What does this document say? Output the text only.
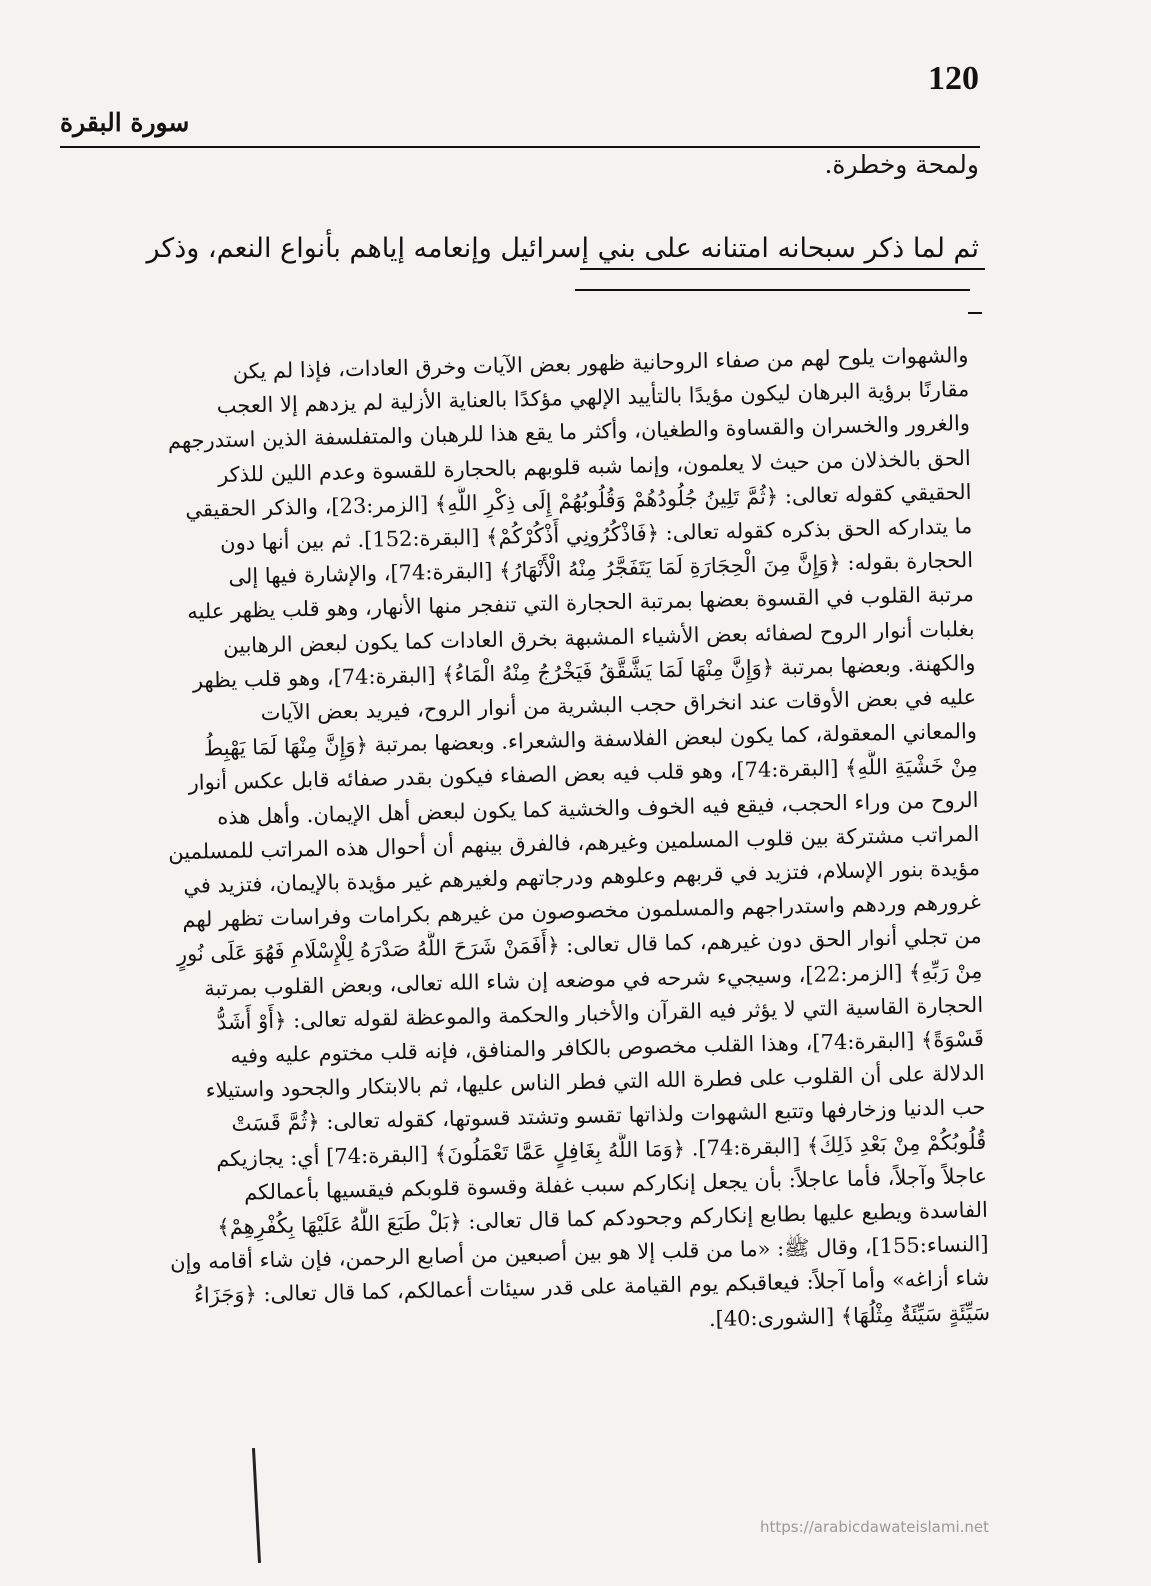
120
سورة البقرة
ولمحة وخطرة.
ثم لما ذكر سبحانه امتنانه على بني إسرائيل وإنعامه إياهم بأنواع النعم، وذكر
والشهوات يلوح لهم من صفاء الروحانية ظهور بعض الآيات وخرق العادات، فإذا لم يكن
مقارنًا برؤية البرهان ليكون مؤيدًا بالتأييد الإلهي مؤكدًا بالعناية الأزلية لم يزدهم إلا العجب
والغرور والخسران والقساوة والطغيان، وأكثر ما يقع هذا للرهبان والمتفلسفة الذين استدرجهم
الحق بالخذلان من حيث لا يعلمون، وإنما شبه قلوبهم بالحجارة للقسوة وعدم اللين للذكر
الحقيقي كقوله تعالى: ﴿ثُمَّ تَلِينُ جُلُودُهُمْ وَقُلُوبُهُمْ إِلَى ذِكْرِ اللَّهِ﴾ [الزمر:23]، والذكر الحقيقي
ما يتداركه الحق بذكره كقوله تعالى: ﴿فَاذْكُرُونِي أَذْكُرْكُمْ﴾ [البقرة:152]. ثم بين أنها دون
الحجارة بقوله: ﴿وَإِنَّ مِنَ الْحِجَارَةِ لَمَا يَتَفَجَّرُ مِنْهُ الْأَنْهَارُ﴾ [البقرة:74]، والإشارة فيها إلى
مرتبة القلوب في القسوة بعضها بمرتبة الحجارة التي تنفجر منها الأنهار، وهو قلب يظهر عليه
بغلبات أنوار الروح لصفائه بعض الأشياء المشبهة بخرق العادات كما يكون لبعض الرهابين
والكهنة. وبعضها بمرتبة ﴿وَإِنَّ مِنْهَا لَمَا يَشَّقَّقُ فَيَخْرُجُ مِنْهُ الْمَاءُ﴾ [البقرة:74]، وهو قلب يظهر
عليه في بعض الأوقات عند انخراق حجب البشرية من أنوار الروح، فيريد بعض الآيات
والمعاني المعقولة، كما يكون لبعض الفلاسفة والشعراء. وبعضها بمرتبة ﴿وَإِنَّ مِنْهَا لَمَا يَهْبِطُ
مِنْ خَشْيَةِ اللَّهِ﴾ [البقرة:74]، وهو قلب فيه بعض الصفاء فيكون بقدر صفائه قابل عكس أنوار
الروح من وراء الحجب، فيقع فيه الخوف والخشية كما يكون لبعض أهل الإيمان. وأهل هذه
المراتب مشتركة بين قلوب المسلمين وغيرهم، فالفرق بينهم أن أحوال هذه المراتب للمسلمين
مؤيدة بنور الإسلام، فتزيد في قربهم وعلوهم ودرجاتهم ولغيرهم غير مؤيدة بالإيمان، فتزيد في
غرورهم وردهم واستدراجهم والمسلمون مخصوصون من غيرهم بكرامات وفراسات تظهر لهم
من تجلي أنوار الحق دون غيرهم، كما قال تعالى: ﴿أَفَمَنْ شَرَحَ اللَّهُ صَدْرَهُ لِلْإِسْلَامِ فَهُوَ عَلَى نُورٍ
مِنْ رَبِّهِ﴾ [الزمر:22]، وسيجيء شرحه في موضعه إن شاء الله تعالى، وبعض القلوب بمرتبة
الحجارة القاسية التي لا يؤثر فيه القرآن والأخبار والحكمة والموعظة لقوله تعالى: ﴿أَوْ أَشَدُّ
قَسْوَةً﴾ [البقرة:74]، وهذا القلب مخصوص بالكافر والمنافق، فإنه قلب مختوم عليه وفيه
الدلالة على أن القلوب على فطرة الله التي فطر الناس عليها، ثم بالابتكار والجحود واستيلاء
حب الدنيا وزخارفها وتتبع الشهوات ولذاتها تقسو وتشتد قسوتها، كقوله تعالى: ﴿ثُمَّ قَسَتْ
قُلُوبُكُمْ مِنْ بَعْدِ ذَلِكَ﴾ [البقرة:74]. ﴿وَمَا اللَّهُ بِغَافِلٍ عَمَّا تَعْمَلُونَ﴾ [البقرة:74] أي: يجازيكم
عاجلاً وآجلاً، فأما عاجلاً: بأن يجعل إنكاركم سبب غفلة وقسوة قلوبكم فيقسيها بأعمالكم
الفاسدة ويطبع عليها بطابع إنكاركم وجحودكم كما قال تعالى: ﴿بَلْ طَبَعَ اللَّهُ عَلَيْهَا بِكُفْرِهِمْ﴾
[النساء:155]، وقال ﷺ: «ما من قلب إلا هو بين أصبعين من أصابع الرحمن، فإن شاء أقامه وإن
شاء أزاغه» وأما آجلاً: فيعاقبكم يوم القيامة على قدر سيئات أعمالكم، كما قال تعالى: ﴿وَجَزَاءُ
سَيِّئَةٍ سَيِّئَةٌ مِثْلُهَا﴾ [الشورى:40].
https://arabicdawateislami.net
